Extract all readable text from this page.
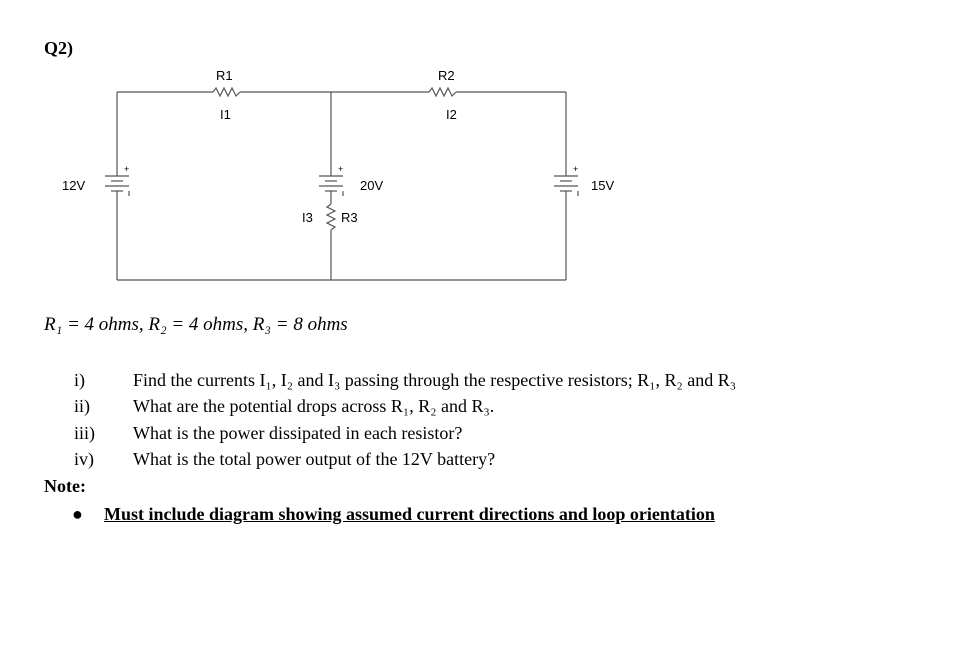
Q2)
R1
I1
R2
I2
12V	20V	15V
I3 R3
+	+	+
R₁ = 4 ohms, R₂ = 4 ohms, R₃ = 8 ohms
i)	Find the currents I₁, I₂ and I₃ passing through the respective resistors; R₁, R₂ and R₃
ii) What are the potential drops across R₁, R₂ and R₃.
iii) What is the power dissipated in each resistor?
iv) What is the total power output of the 12V battery?
Note:
● Must include diagram showing assumed current directions and loop orientation
